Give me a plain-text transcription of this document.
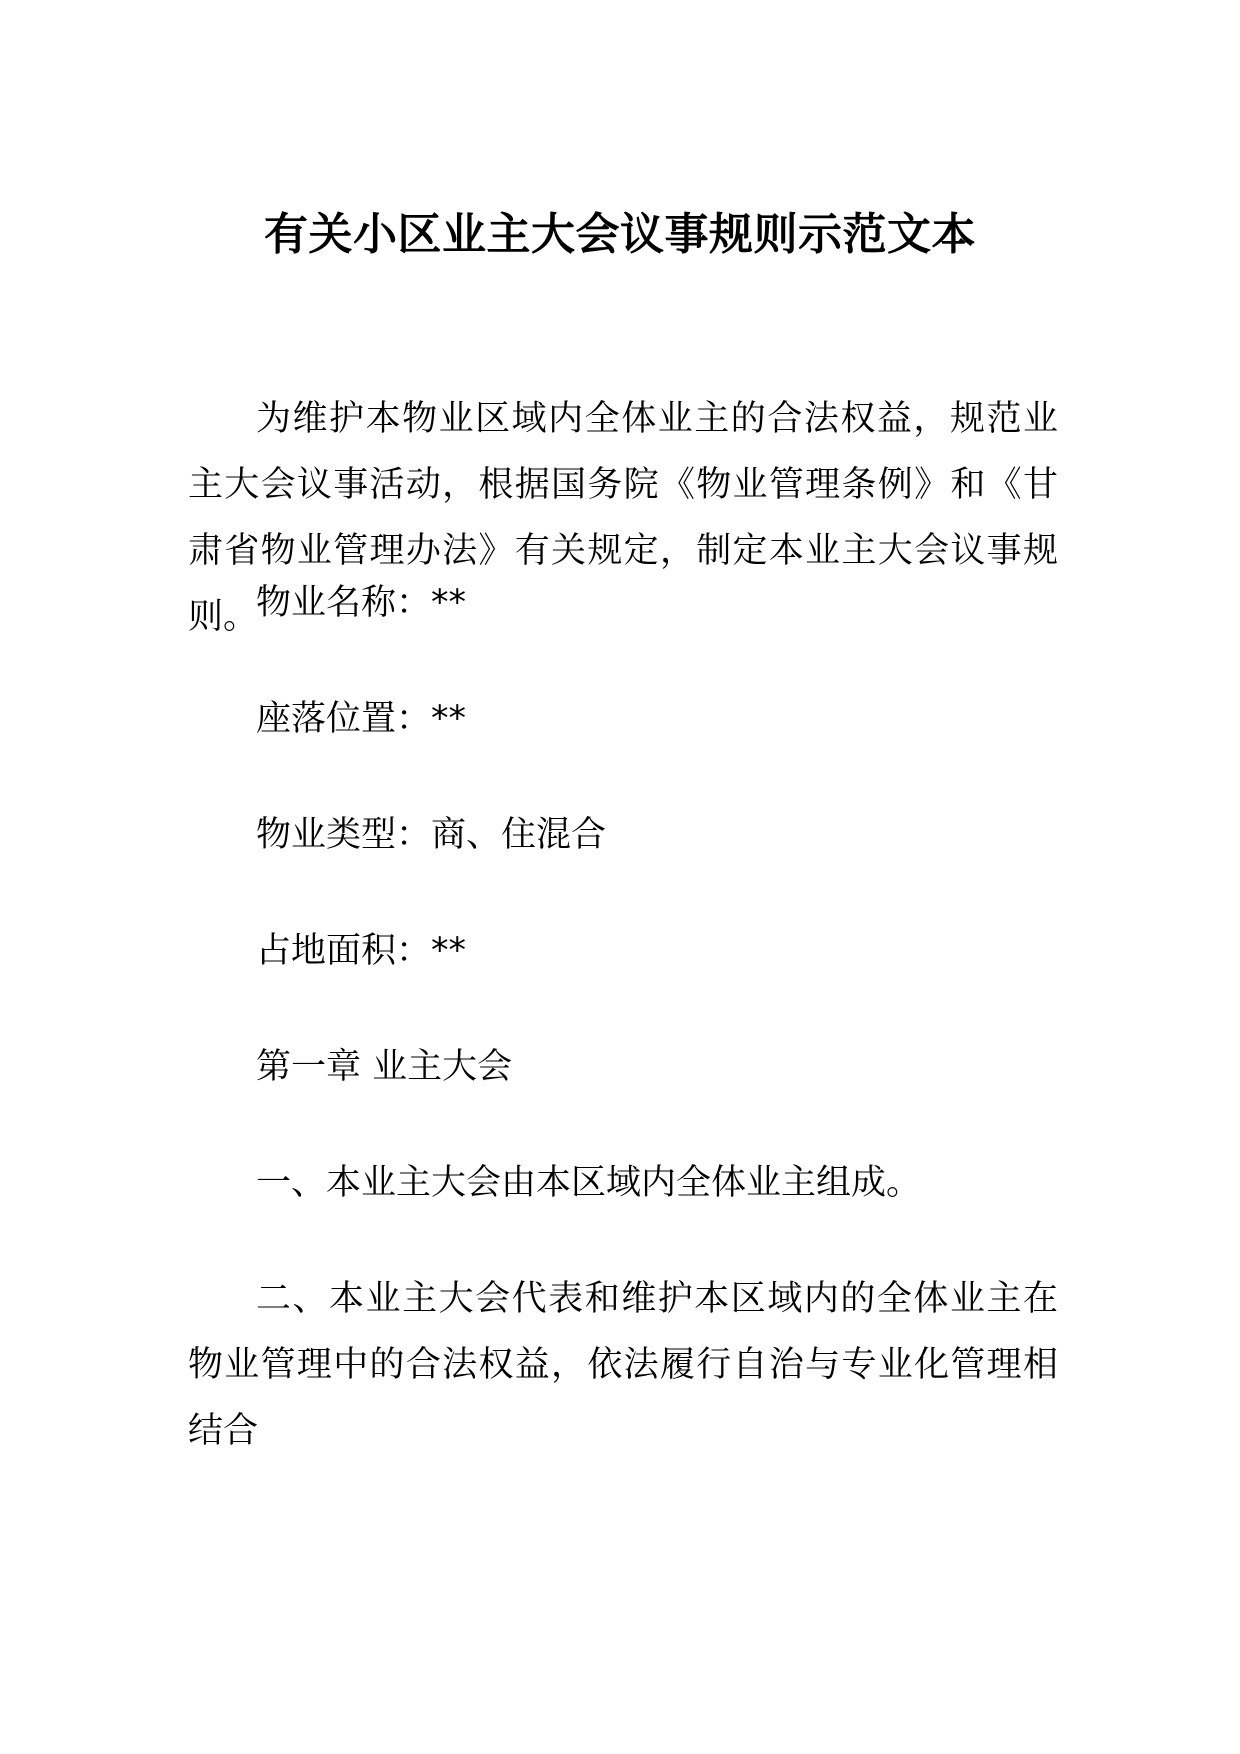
有关小区业主大会议事规则示范文本

为维护本物业区域内全体业主的合法权益，规范业主大会议事活动，根据国务院《物业管理条例》和《甘肃省物业管理办法》有关规定，制定本业主大会议事规则。

物业名称：**

座落位置：**

物业类型：商、住混合

占地面积：**

第一章 业主大会

一、本业主大会由本区域内全体业主组成。

二、本业主大会代表和维护本区域内的全体业主在物业管理中的合法权益，依法履行自治与专业化管理相结合
